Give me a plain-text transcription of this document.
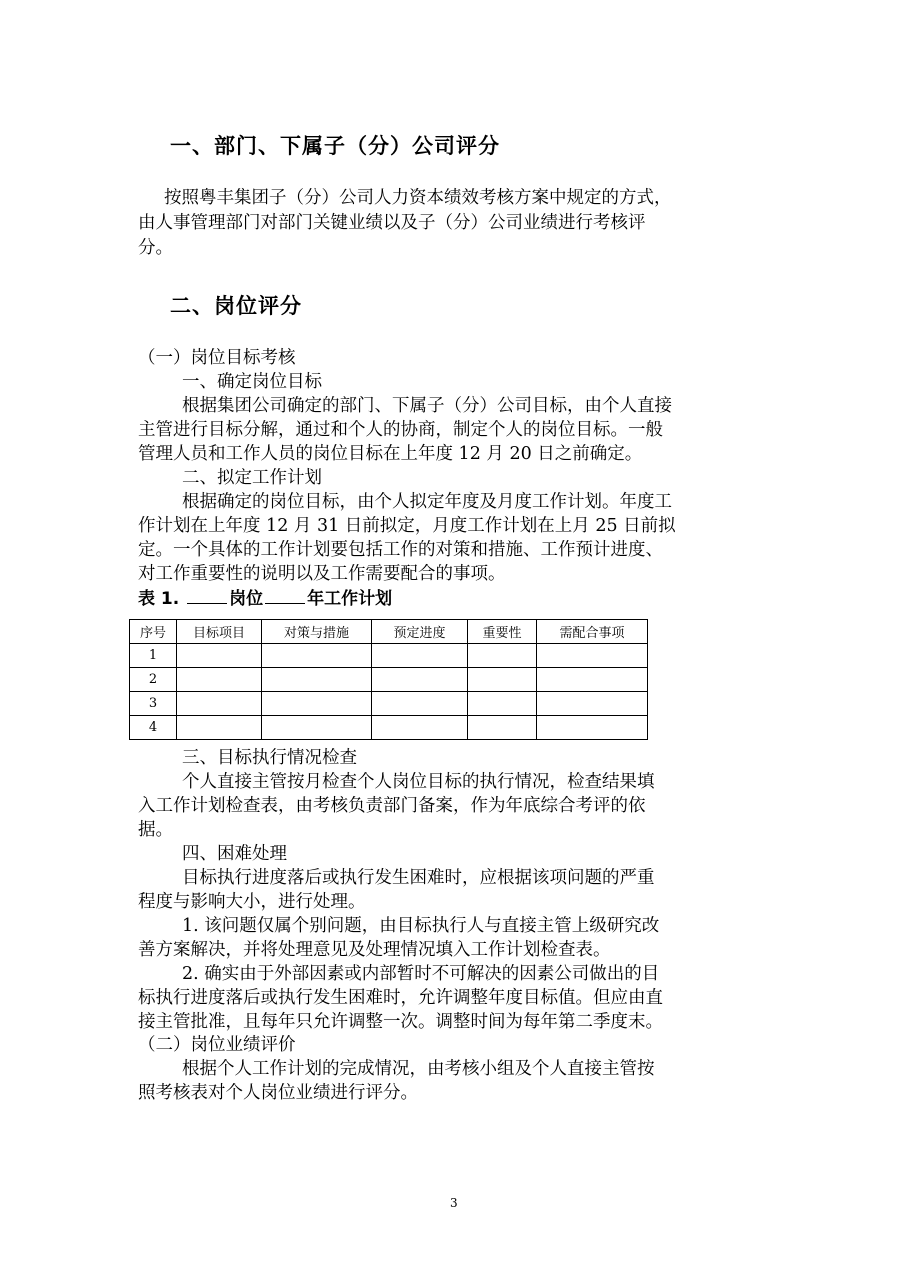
一、部门、下属子（分）公司评分
按照粤丰集团子（分）公司人力资本绩效考核方案中规定的方式，
由人事管理部门对部门关键业绩以及子（分）公司业绩进行考核评
分。
二、岗位评分
（一）岗位目标考核
一、确定岗位目标
根据集团公司确定的部门、下属子（分）公司目标，由个人直接
主管进行目标分解，通过和个人的协商，制定个人的岗位目标。一般
管理人员和工作人员的岗位目标在上年度 12 月 20 日之前确定。
二、拟定工作计划
根据确定的岗位目标，由个人拟定年度及月度工作计划。年度工
作计划在上年度 12 月 31 日前拟定，月度工作计划在上月 25 日前拟
定。一个具体的工作计划要包括工作的对策和措施、工作预计进度、
对工作重要性的说明以及工作需要配合的事项。
表 1.	岗位	年工作计划
序号	目标项目	对策与措施	预定进度	重要性	需配合事项
1					
2					
3					
4					
三、目标执行情况检查
个人直接主管按月检查个人岗位目标的执行情况，检查结果填
入工作计划检查表，由考核负责部门备案，作为年底综合考评的依
据。
四、困难处理
目标执行进度落后或执行发生困难时，应根据该项问题的严重
程度与影响大小，进行处理。
1. 该问题仅属个别问题，由目标执行人与直接主管上级研究改
善方案解决，并将处理意见及处理情况填入工作计划检查表。
2. 确实由于外部因素或内部暂时不可解决的因素公司做出的目
标执行进度落后或执行发生困难时，允许调整年度目标值。但应由直
接主管批准，且每年只允许调整一次。调整时间为每年第二季度末。
（二）岗位业绩评价
根据个人工作计划的完成情况，由考核小组及个人直接主管按
照考核表对个人岗位业绩进行评分。
3
